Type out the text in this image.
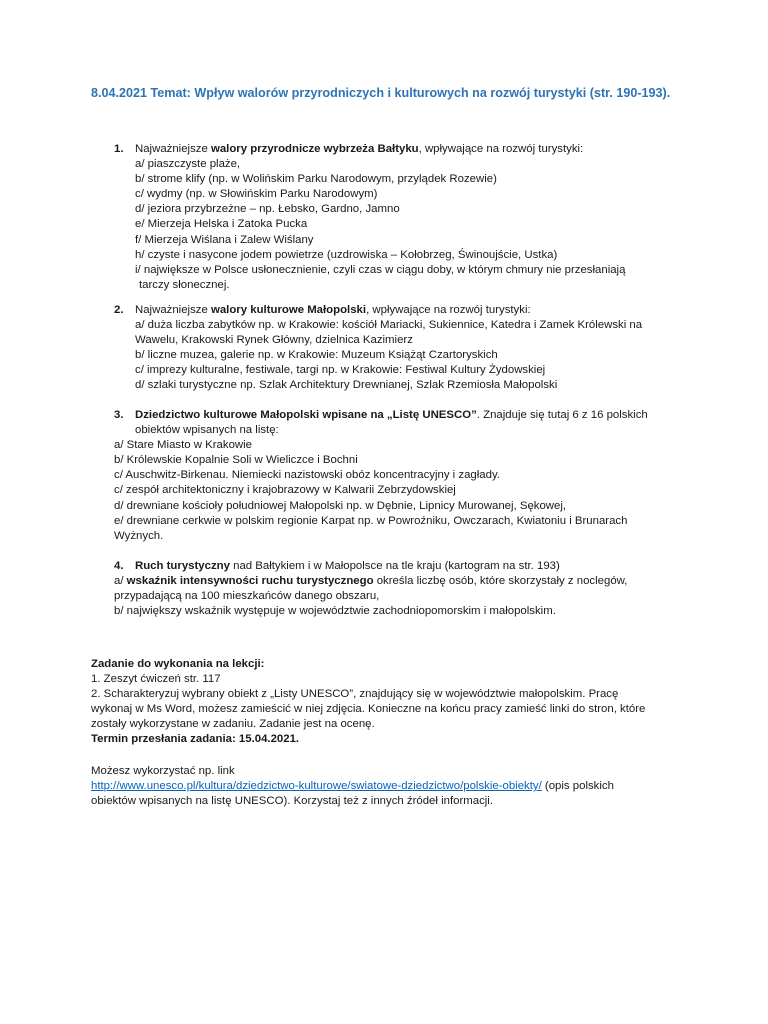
8.04.2021 Temat: Wpływ walorów przyrodniczych i kulturowych na rozwój turystyki (str. 190-193).
1. Najważniejsze walory przyrodnicze wybrzeża Bałtyku, wpływające na rozwój turystyki:
a/ piaszczyste plaże,
b/ strome klify (np. w Wolińskim Parku Narodowym, przylądek Rozewie)
c/ wydmy (np. w Słowińskim Parku Narodowym)
d/ jeziora przybrzeżne – np. Łebsko, Gardno, Jamno
e/ Mierzeja Helska i Zatoka Pucka
f/ Mierzeja Wiślana i Zalew Wiślany
h/ czyste i nasycone jodem powietrze (uzdrowiska – Kołobrzeg, Świnoujście, Ustka)
i/ największe w Polsce usłonecznienie, czyli czas w ciągu doby, w którym chmury nie przesłaniają
tarczy słonecznej.
2. Najważniejsze walory kulturowe Małopolski, wpływające na rozwój turystyki:
a/ duża liczba zabytków np. w Krakowie: kościół Mariacki, Sukiennice, Katedra i Zamek Królewski na
Wawelu, Krakowski Rynek Główny, dzielnica Kazimierz
b/ liczne muzea, galerie np. w Krakowie: Muzeum Książąt Czartoryskich
c/ imprezy kulturalne, festiwale, targi np. w Krakowie: Festiwal Kultury Żydowskiej
d/ szlaki turystyczne np. Szlak Architektury Drewnianej, Szlak Rzemiosła Małopolski
3. Dziedzictwo kulturowe Małopolski wpisane na „Listę UNESCO”. Znajduje się tutaj 6 z 16 polskich
obiektów wpisanych na listę:
a/ Stare Miasto w Krakowie
b/ Królewskie Kopalnie Soli w Wieliczce i Bochni
c/ Auschwitz-Birkenau. Niemiecki nazistowski obóz koncentracyjny i zagłady.
c/ zespół architektoniczny i krajobrazowy w Kalwarii Zebrzydowskiej
d/ drewniane kościoły południowej Małopolski np. w Dębnie, Lipnicy Murowanej, Sękowej,
e/ drewniane cerkwie w polskim regionie Karpat np. w Powroźniku, Owczarach, Kwiatoniu i Brunarach
Wyżnych.
4. Ruch turystyczny nad Bałtykiem i w Małopolsce na tle kraju (kartogram na str. 193)
a/ wskaźnik intensywności ruchu turystycznego określa liczbę osób, które skorzystały z noclegów,
przypadającą na 100 mieszkańców danego obszaru,
b/ największy wskaźnik występuje w województwie zachodniopomorskim i małopolskim.
Zadanie do wykonania na lekcji:
1. Zeszyt ćwiczeń str. 117
2. Scharakteryzuj wybrany obiekt z „Listy UNESCO”, znajdujący się w województwie małopolskim. Pracę
wykonaj w Ms Word, możesz zamieścić w niej zdjęcia. Konieczne na końcu pracy zamieść linki do stron, które
zostały wykorzystane w zadaniu. Zadanie jest na ocenę.
Termin przesłania zadania: 15.04.2021.
Możesz wykorzystać np. link
http://www.unesco.pl/kultura/dziedzictwo-kulturowe/swiatowe-dziedzictwo/polskie-obiekty/ (opis polskich
obiektów wpisanych na listę UNESCO). Korzystaj też z innych źródeł informacji.
